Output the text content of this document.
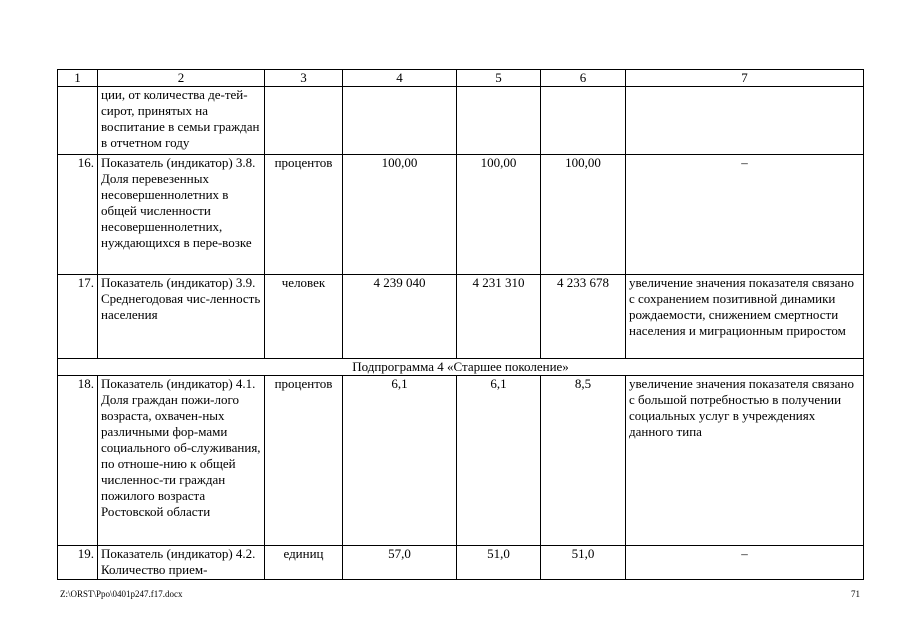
1	2	3	4	5	6	7
	ции, от количества де-тей-сирот, принятых на воспитание в семьи граждан в отчетном году					
16.	Показатель (индикатор) 3.8. Доля перевезенных несовершеннолетних в общей численности несовершеннолетних, нуждающихся в пере-возке	процентов	100,00	100,00	100,00	–
17.	Показатель (индикатор) 3.9. Среднегодовая чис-ленность населения	человек	4 239 040	4 231 310	4 233 678	увеличение значения показателя связано с сохранением позитивной динамики рождаемости, снижением смертности населения и миграционным приростом
Подпрограмма 4 «Старшее поколение»						
18.	Показатель (индикатор) 4.1. Доля граждан пожи-лого возраста, охвачен-ных различными фор-мами социального об-служивания, по отноше-нию к общей численнос-ти граждан пожилого возраста Ростовской области	процентов	6,1	6,1	8,5	увеличение значения показателя связано с большой потребностью в получении социальных услуг в учреждениях данного типа
19.	Показатель (индикатор) 4.2. Количество прием-	единиц	57,0	51,0	51,0	–
Z:\ORST\Ppo\0401p247.f17.docx	71
